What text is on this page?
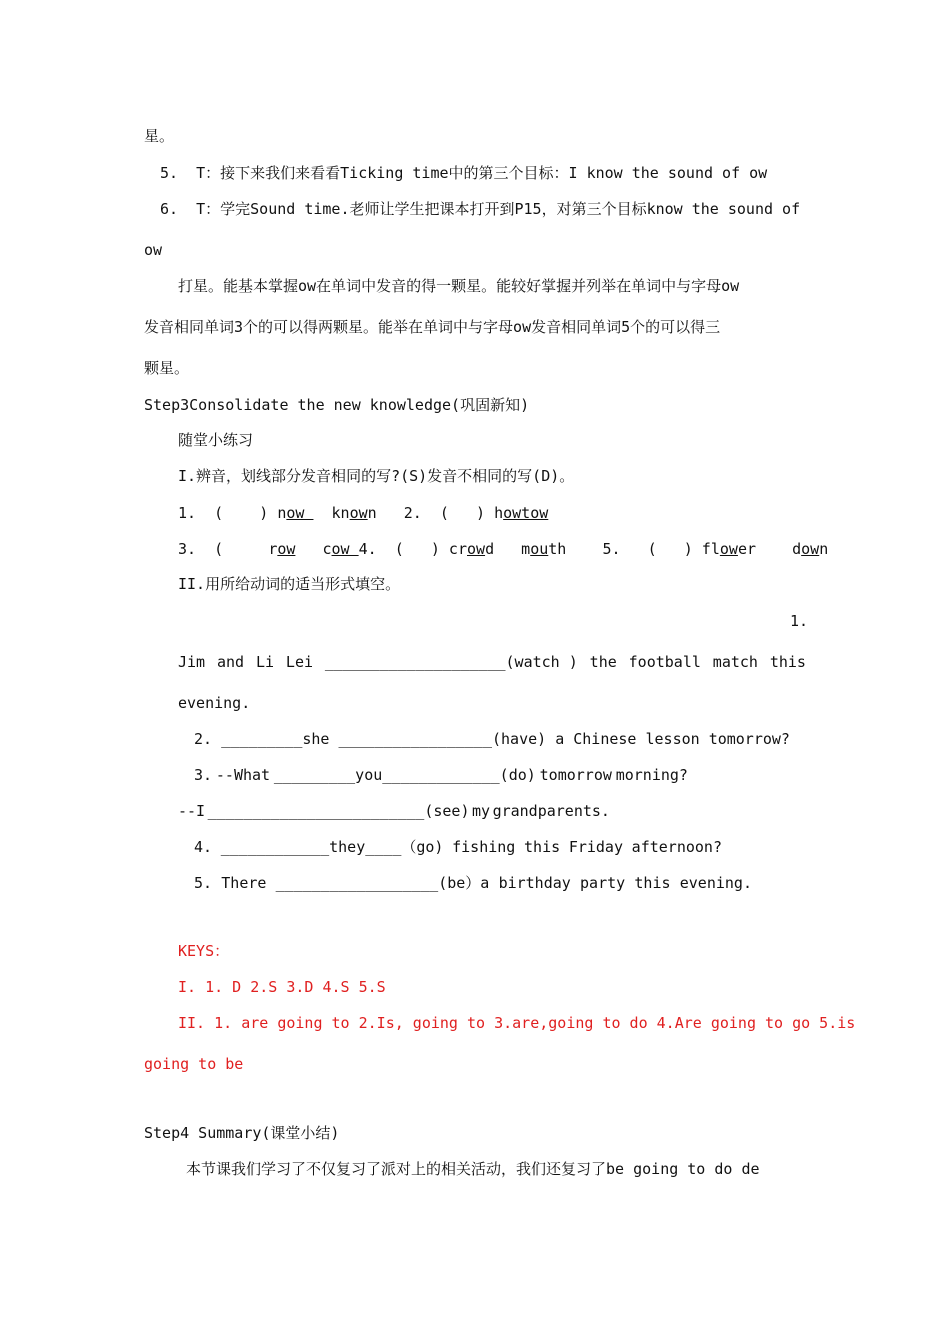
星。
5.  T：接下来我们来看看Ticking time中的第三个目标：I know the sound of ow
6.  T：学完Sound time.老师让学生把课本打开到P15，对第三个目标know the sound of
ow
打星。能基本掌握ow在单词中发音的得一颗星。能较好掌握并列举在单词中与字母ow
发音相同单词3个的可以得两颗星。能举在单词中与字母ow发音相同单词5个的可以得三
颗星。
Step3Consolidate the new knowledge(巩固新知)
随堂小练习
I.辨音，划线部分发音相同的写?(S)发音不相同的写(D)。
1.  (    ) now   known   2.  (   ) howtow
3.  (     row   cow 4.  (   ) crowd   mouth    5.   (   ) flower    down
II.用所给动词的适当形式填空。
1.
Jim and Li Lei ____________________(watch ) the football match this
evening.
2. _________she _________________(have) a Chinese lesson tomorrow?
3. --What _________you_____________(do) tomorrow morning?
--I ________________________(see) my grandparents.
4. ____________they____（go) fishing this Friday afternoon?
5. There __________________(be）a birthday party this evening.
KEYS：
I. 1. D 2.S 3.D 4.S 5.S
II. 1. are going to 2.Is, going to 3.are,going to do 4.Are going to go 5.is
going to be
Step4 Summary(课堂小结)
本节课我们学习了不仅复习了派对上的相关活动，我们还复习了be going to do de
